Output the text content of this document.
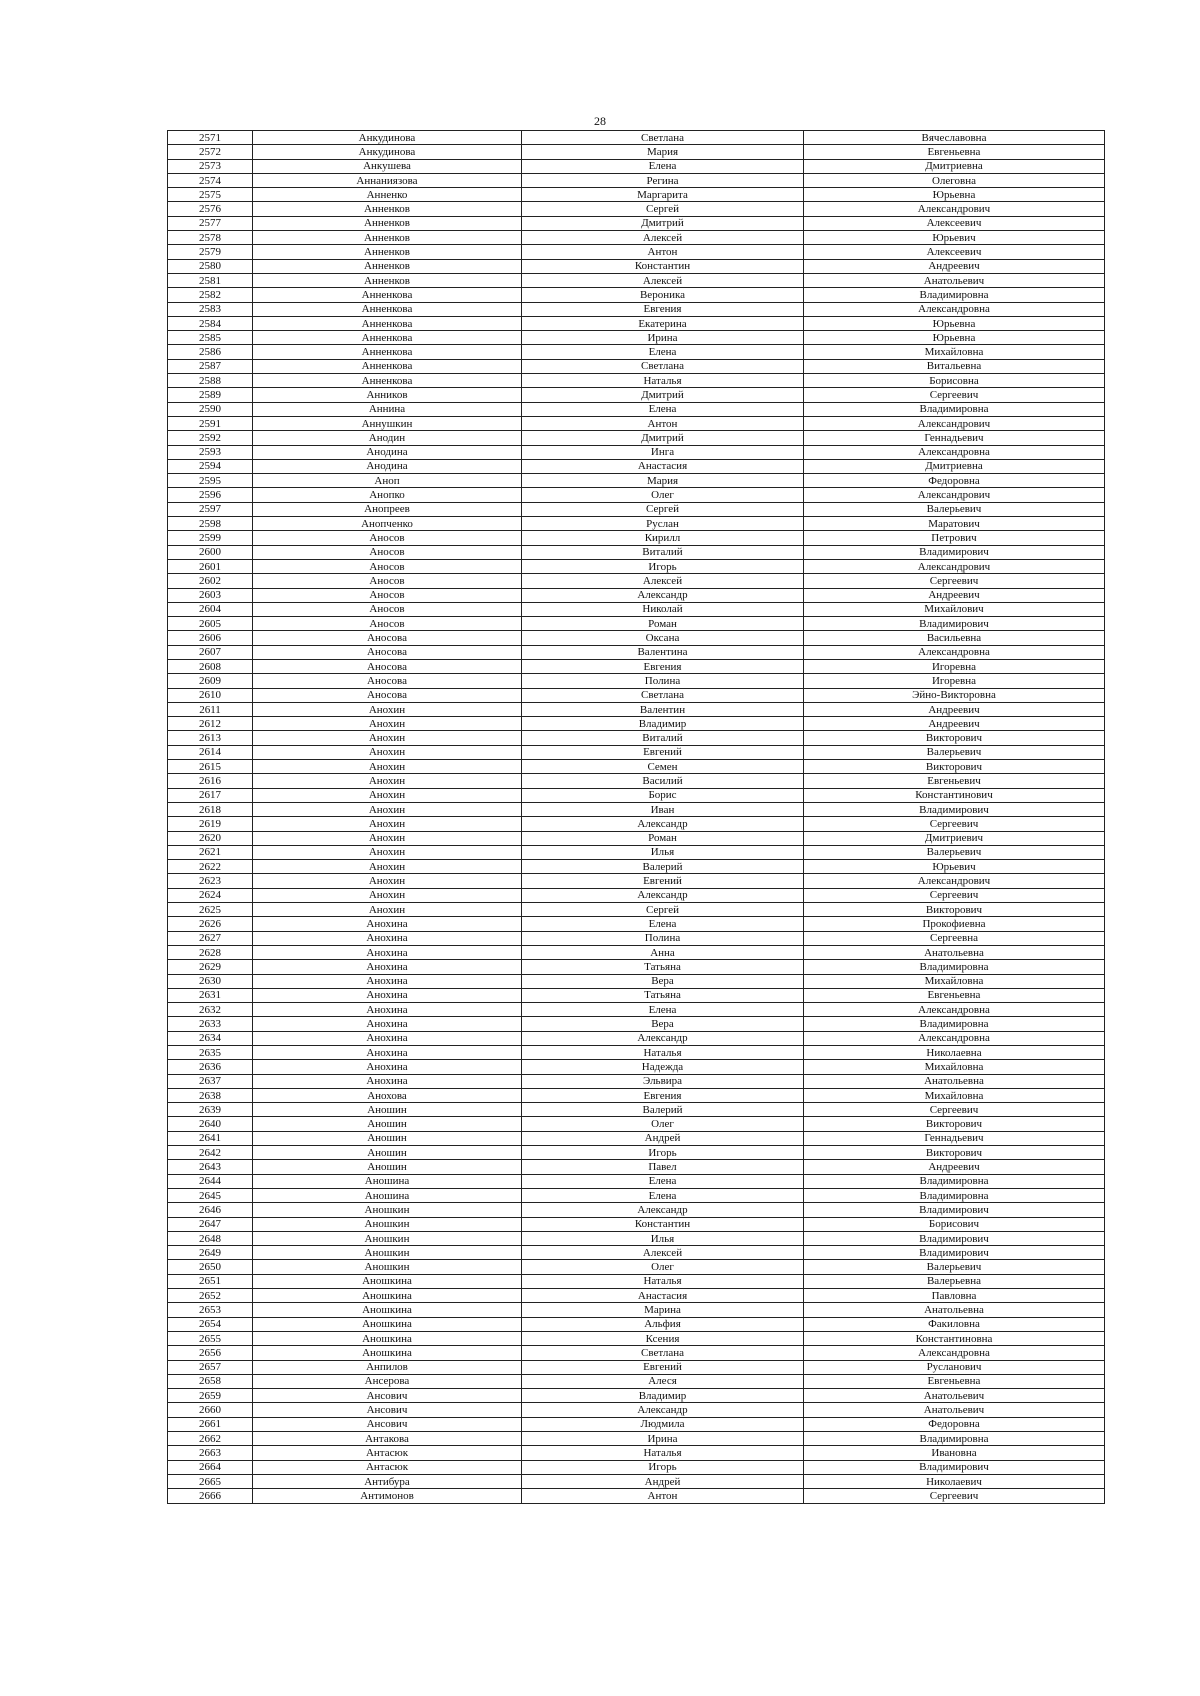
28
2571	Анкудинова	Светлана	Вячеславовна
2572	Анкудинова	Мария	Евгеньевна
2573	Анкушева	Елена	Дмитриевна
2574	Аннаниязова	Регина	Олеговна
2575	Анненко	Маргарита	Юрьевна
2576	Анненков	Сергей	Александрович
2577	Анненков	Дмитрий	Алексеевич
2578	Анненков	Алексей	Юрьевич
2579	Анненков	Антон	Алексеевич
2580	Анненков	Константин	Андреевич
2581	Анненков	Алексей	Анатольевич
2582	Анненкова	Вероника	Владимировна
2583	Анненкова	Евгения	Александровна
2584	Анненкова	Екатерина	Юрьевна
2585	Анненкова	Ирина	Юрьевна
2586	Анненкова	Елена	Михайловна
2587	Анненкова	Светлана	Витальевна
2588	Анненкова	Наталья	Борисовна
2589	Анников	Дмитрий	Сергеевич
2590	Аннина	Елена	Владимировна
2591	Аннушкин	Антон	Александрович
2592	Анодин	Дмитрий	Геннадьевич
2593	Анодина	Инга	Александровна
2594	Анодина	Анастасия	Дмитриевна
2595	Аноп	Мария	Федоровна
2596	Анопко	Олег	Александрович
2597	Анопреев	Сергей	Валерьевич
2598	Анопченко	Руслан	Маратович
2599	Аносов	Кирилл	Петрович
2600	Аносов	Виталий	Владимирович
2601	Аносов	Игорь	Александрович
2602	Аносов	Алексей	Сергеевич
2603	Аносов	Александр	Андреевич
2604	Аносов	Николай	Михайлович
2605	Аносов	Роман	Владимирович
2606	Аносова	Оксана	Васильевна
2607	Аносова	Валентина	Александровна
2608	Аносова	Евгения	Игоревна
2609	Аносова	Полина	Игоревна
2610	Аносова	Светлана	Эйно-Викторовна
2611	Анохин	Валентин	Андреевич
2612	Анохин	Владимир	Андреевич
2613	Анохин	Виталий	Викторович
2614	Анохин	Евгений	Валерьевич
2615	Анохин	Семен	Викторович
2616	Анохин	Василий	Евгеньевич
2617	Анохин	Борис	Константинович
2618	Анохин	Иван	Владимирович
2619	Анохин	Александр	Сергеевич
2620	Анохин	Роман	Дмитриевич
2621	Анохин	Илья	Валерьевич
2622	Анохин	Валерий	Юрьевич
2623	Анохин	Евгений	Александрович
2624	Анохин	Александр	Сергеевич
2625	Анохин	Сергей	Викторович
2626	Анохина	Елена	Прокофиевна
2627	Анохина	Полина	Сергеевна
2628	Анохина	Анна	Анатольевна
2629	Анохина	Татьяна	Владимировна
2630	Анохина	Вера	Михайловна
2631	Анохина	Татьяна	Евгеньевна
2632	Анохина	Елена	Александровна
2633	Анохина	Вера	Владимировна
2634	Анохина	Александр	Александровна
2635	Анохина	Наталья	Николаевна
2636	Анохина	Надежда	Михайловна
2637	Анохина	Эльвира	Анатольевна
2638	Анохова	Евгения	Михайловна
2639	Аношин	Валерий	Сергеевич
2640	Аношин	Олег	Викторович
2641	Аношин	Андрей	Геннадьевич
2642	Аношин	Игорь	Викторович
2643	Аношин	Павел	Андреевич
2644	Аношина	Елена	Владимировна
2645	Аношина	Елена	Владимировна
2646	Аношкин	Александр	Владимирович
2647	Аношкин	Константин	Борисович
2648	Аношкин	Илья	Владимирович
2649	Аношкин	Алексей	Владимирович
2650	Аношкин	Олег	Валерьевич
2651	Аношкина	Наталья	Валерьевна
2652	Аношкина	Анастасия	Павловна
2653	Аношкина	Марина	Анатольевна
2654	Аношкина	Альфия	Факиловна
2655	Аношкина	Ксения	Константиновна
2656	Аношкина	Светлана	Александровна
2657	Анпилов	Евгений	Русланович
2658	Ансерова	Алеся	Евгеньевна
2659	Ансович	Владимир	Анатольевич
2660	Ансович	Александр	Анатольевич
2661	Ансович	Людмила	Федоровна
2662	Антакова	Ирина	Владимировна
2663	Антасюк	Наталья	Ивановна
2664	Антасюк	Игорь	Владимирович
2665	Антибура	Андрей	Николаевич
2666	Антимонов	Антон	Сергеевич
